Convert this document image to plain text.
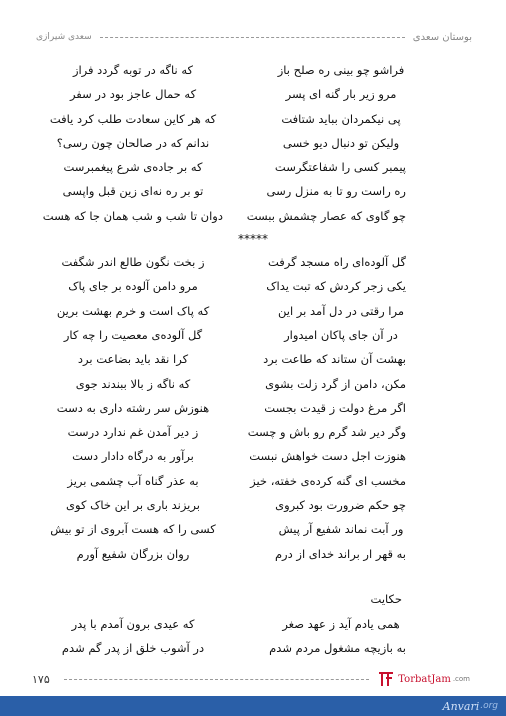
بوستان سعدی
سعدی شیرازی
فراشو چو بینی ره صلح باز
که ناگه در توبه گردد فراز
مرو زیر بار گنه ای پسر
که حمال عاجز بود در سفر
پی نیکمردان بباید شتافت
که هر کاین سعادت طلب کرد یافت
ولیکن تو دنبال دیو خسی
ندانم که در صالحان چون رسی؟
پیمبر کسی را شفاعتگرست
که بر جاده‌ی شرع پیغمبرست
ره راست رو تا به منزل رسی
تو بر ره نه‌ای زین قبل واپسی
چو گاوی که عصار چشمش ببست
دوان تا شب و شب همان جا که هست
*****
گل آلوده‌ای راه مسجد گرفت
ز بخت نگون طالع اندر شگفت
یکی زجر کردش که تبت یداک
مرو دامن آلوده بر جای پاک
مرا رقتی در دل آمد بر این
که پاک است و خرم بهشت برین
در آن جای پاکان امیدوار
گل آلوده‌ی معصیت را چه کار
بهشت آن ستاند که طاعت برد
کرا نقد باید بضاعت برد
مکن، دامن از گرد زلت بشوی
که ناگه ز بالا ببندند جوی
اگر مرغ دولت ز قیدت بجست
هنوزش سر رشته داری به دست
وگر دیر شد گرم رو باش و چست
ز دیر آمدن غم ندارد درست
هنوزت اجل دست خواهش نبست
برآور به درگاه دادار دست
مخسب ای گنه کرده‌ی خفته، خیز
به عذر گناه آب چشمی بریز
چو حکم ضرورت بود کبروی
بریزند باری بر این خاک کوی
ور آبت نماند شفیع آر پیش
کسی را که هست آبروی از تو بیش
به قهر ار براند خدای از درم
روان بزرگان شفیع آورم
حکایت
همی یادم آید ز عهد صغر
که عیدی برون آمدم با پدر
به بازیچه مشغول مردم شدم
در آشوب خلق از پدر گم شدم
۱۷۵	TorbatJam .com
Anvari .org
